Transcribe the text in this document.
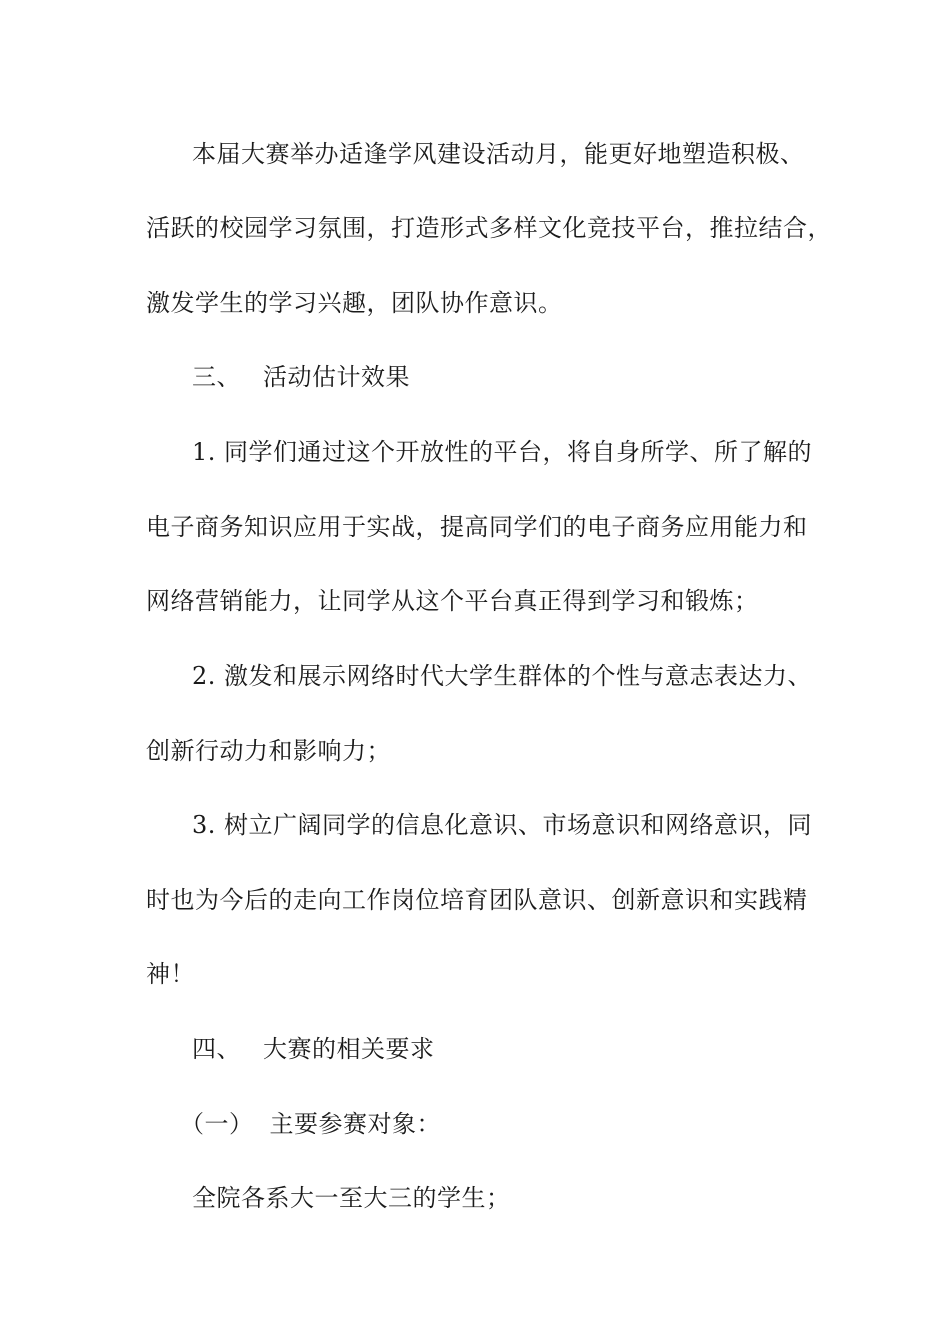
本届大赛举办适逢学风建设活动月，能更好地塑造积极、
活跃的校园学习氛围，打造形式多样文化竞技平台，推拉结合，
激发学生的学习兴趣，团队协作意识。
三、 活动估计效果
1. 同学们通过这个开放性的平台，将自身所学、所了解的
电子商务知识应用于实战，提高同学们的电子商务应用能力和
网络营销能力，让同学从这个平台真正得到学习和锻炼；
2. 激发和展示网络时代大学生群体的个性与意志表达力、
创新行动力和影响力；
3. 树立广阔同学的信息化意识、市场意识和网络意识，同
时也为今后的走向工作岗位培育团队意识、创新意识和实践精
神！
四、 大赛的相关要求
（一） 主要参赛对象：
全院各系大一至大三的学生；
